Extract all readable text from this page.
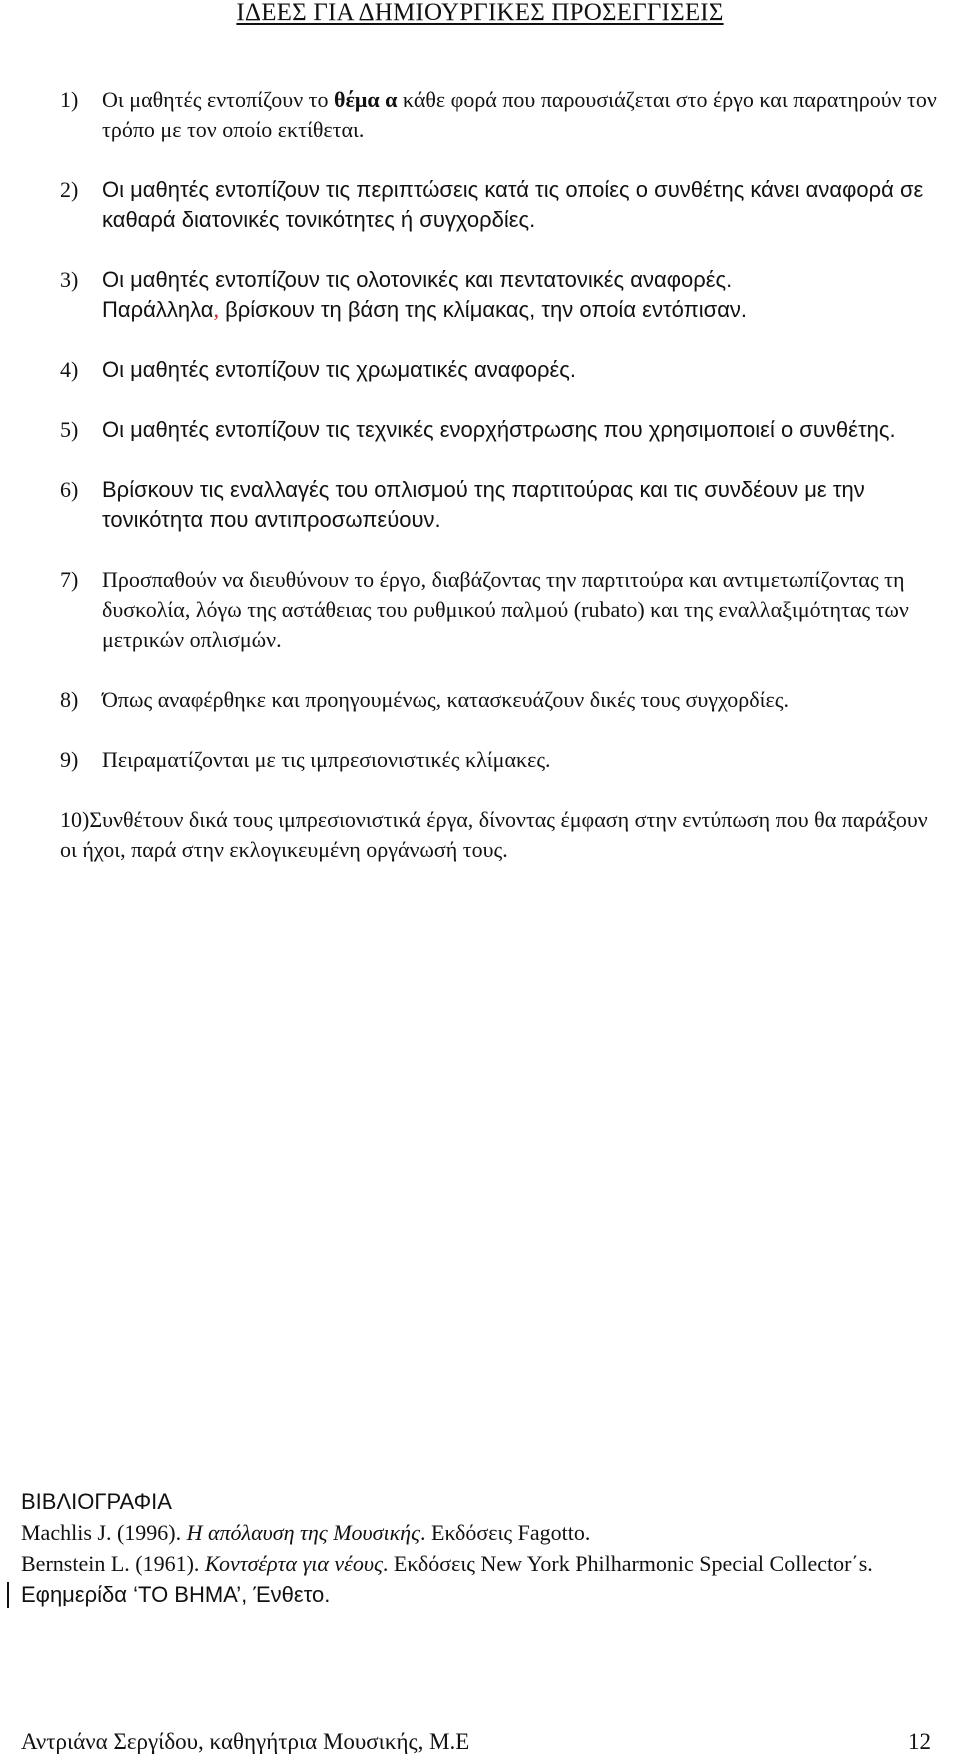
ΙΔΕΕΣ ΓΙΑ ΔΗΜΙΟΥΡΓΙΚΕΣ ΠΡΟΣΕΓΓΙΣΕΙΣ
1) Οι μαθητές εντοπίζουν το θέμα α κάθε φορά που παρουσιάζεται στο έργο και παρατηρούν τον τρόπο με τον οποίο εκτίθεται.
2) Οι μαθητές εντοπίζουν τις περιπτώσεις κατά τις οποίες ο συνθέτης κάνει αναφορά σε καθαρά διατονικές τονικότητες ή συγχορδίες.
3) Οι μαθητές εντοπίζουν τις ολοτονικές και πεντατονικές αναφορές.
Παράλληλα, βρίσκουν τη βάση της κλίμακας, την οποία εντόπισαν.
4) Οι μαθητές εντοπίζουν τις χρωματικές αναφορές.
5) Οι μαθητές εντοπίζουν τις τεχνικές ενορχήστρωσης που χρησιμοποιεί ο συνθέτης.
6) Βρίσκουν τις εναλλαγές του οπλισμού της παρτιτούρας και τις συνδέουν με την τονικότητα που αντιπροσωπεύουν.
7) Προσπαθούν να διευθύνουν το έργο, διαβάζοντας την παρτιτούρα και αντιμετωπίζοντας τη δυσκολία, λόγω της αστάθειας του ρυθμικού παλμού (rubato) και της εναλλαξιμότητας των μετρικών οπλισμών.
8) Όπως αναφέρθηκε και προηγουμένως, κατασκευάζουν δικές τους συγχορδίες.
9) Πειραματίζονται με τις ιμπρεσιονιστικές κλίμακες.
10)Συνθέτουν δικά τους ιμπρεσιονιστικά έργα, δίνοντας έμφαση στην εντύπωση που θα παράξουν οι ήχοι, παρά στην εκλογικευμένη οργάνωσή τους.
ΒΙΒΛΙΟΓΡΑΦΙΑ
Machlis J. (1996). Η απόλαυση της Μουσικής. Εκδόσεις Fagotto.
Bernstein L. (1961). Κοντσέρτα για νέους. Εκδόσεις New York Philharmonic Special Collector΄s.
Εφημερίδα ‘ΤΟ ΒΗΜΑ’, Ένθετο.
Αντριάνα Σεργίδου, καθηγήτρια Μουσικής, Μ.Ε	12
